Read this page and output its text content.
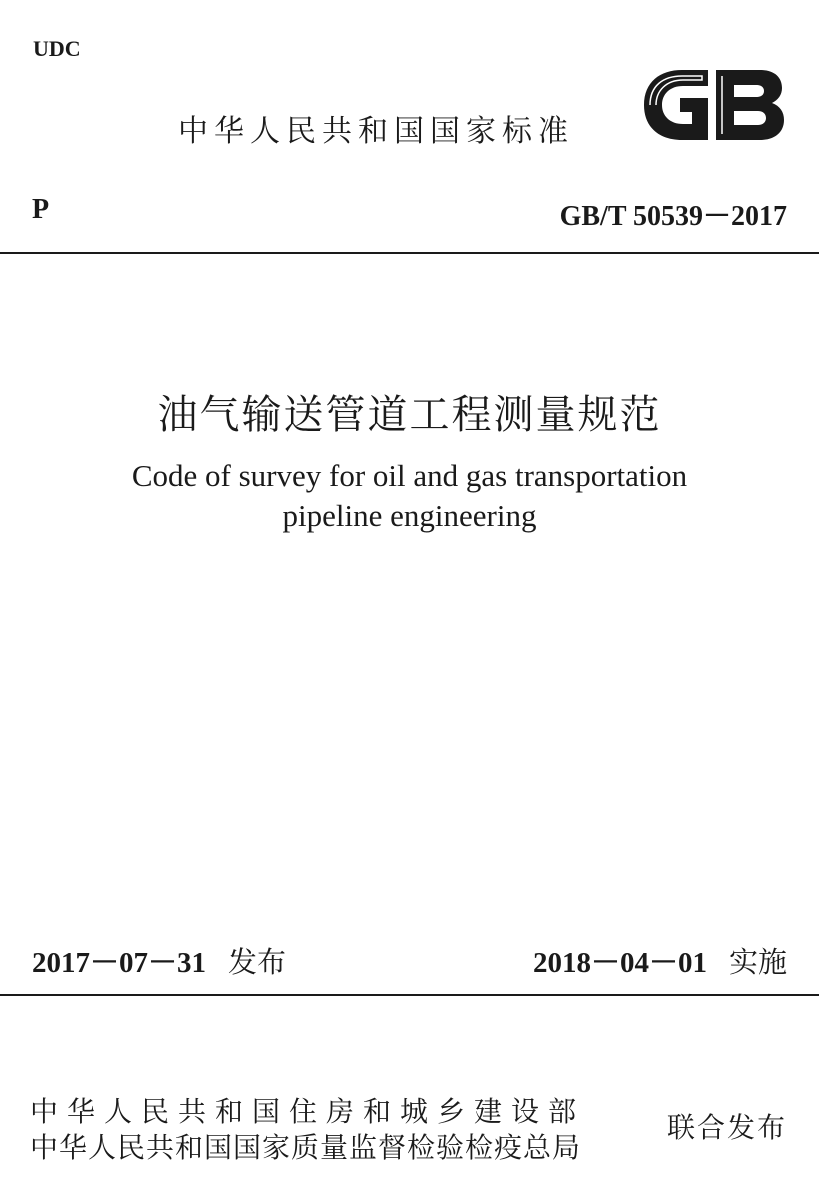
UDC
中华人民共和国国家标准
P	GB/T 50539－2017
油气输送管道工程测量规范
Code of survey for oil and gas transportation
pipeline engineering
2017－07－31 发布	2018－04－01 实施
中华人民共和国住房和城乡建设部
中华人民共和国国家质量监督检验检疫总局
联合发布
